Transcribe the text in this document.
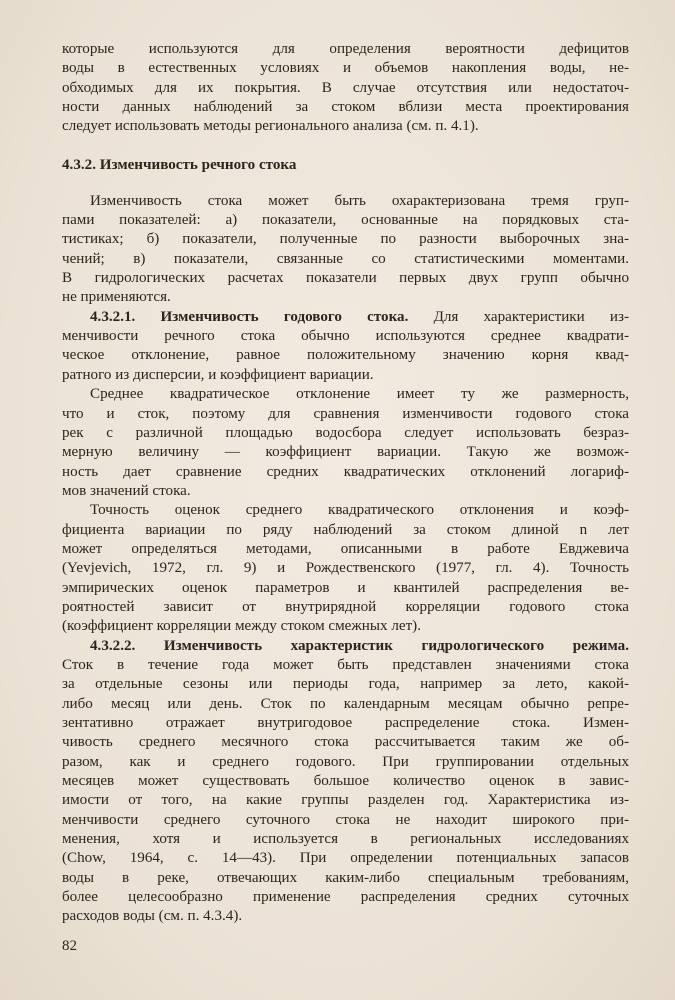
которые используются для определения вероятности дефицитов
воды в естественных условиях и объемов накопления воды, не-
обходимых для их покрытия. В случае отсутствия или недостаточ-
ности данных наблюдений за стоком вблизи места проектирования
следует использовать методы регионального анализа (см. п. 4.1).
4.3.2. Изменчивость речного стока
Изменчивость стока может быть охарактеризована тремя груп-
пами показателей: а) показатели, основанные на порядковых ста-
тистиках; б) показатели, полученные по разности выборочных зна-
чений; в) показатели, связанные со статистическими моментами.
В гидрологических расчетах показатели первых двух групп обычно
не применяются.
4.3.2.1. Изменчивость годового стока. Для характеристики из-
менчивости речного стока обычно используются среднее квадрати-
ческое отклонение, равное положительному значению корня квад-
ратного из дисперсии, и коэффициент вариации.
Среднее квадратическое отклонение имеет ту же размерность,
что и сток, поэтому для сравнения изменчивости годового стока
рек с различной площадью водосбора следует использовать безраз-
мерную величину — коэффициент вариации. Такую же возмож-
ность дает сравнение средних квадратических отклонений логариф-
мов значений стока.
Точность оценок среднего квадратического отклонения и коэф-
фициента вариации по ряду наблюдений за стоком длиной n лет
может определяться методами, описанными в работе Евджевича
(Yevjevich, 1972, гл. 9) и Рождественского (1977, гл. 4). Точность
эмпирических оценок параметров и квантилей распределения ве-
роятностей зависит от внутрирядной корреляции годового стока
(коэффициент корреляции между стоком смежных лет).
4.3.2.2. Изменчивость характеристик гидрологического режима.
Сток в течение года может быть представлен значениями стока
за отдельные сезоны или периоды года, например за лето, какой-
либо месяц или день. Сток по календарным месяцам обычно репре-
зентативно отражает внутригодовое распределение стока. Измен-
чивость среднего месячного стока рассчитывается таким же об-
разом, как и среднего годового. При группировании отдельных
месяцев может существовать большое количество оценок в завис-
имости от того, на какие группы разделен год. Характеристика из-
менчивости среднего суточного стока не находит широкого при-
менения, хотя и используется в региональных исследованиях
(Chow, 1964, с. 14—43). При определении потенциальных запасов
воды в реке, отвечающих каким-либо специальным требованиям,
более целесообразно применение распределения средних суточных
расходов воды (см. п. 4.3.4).
82
